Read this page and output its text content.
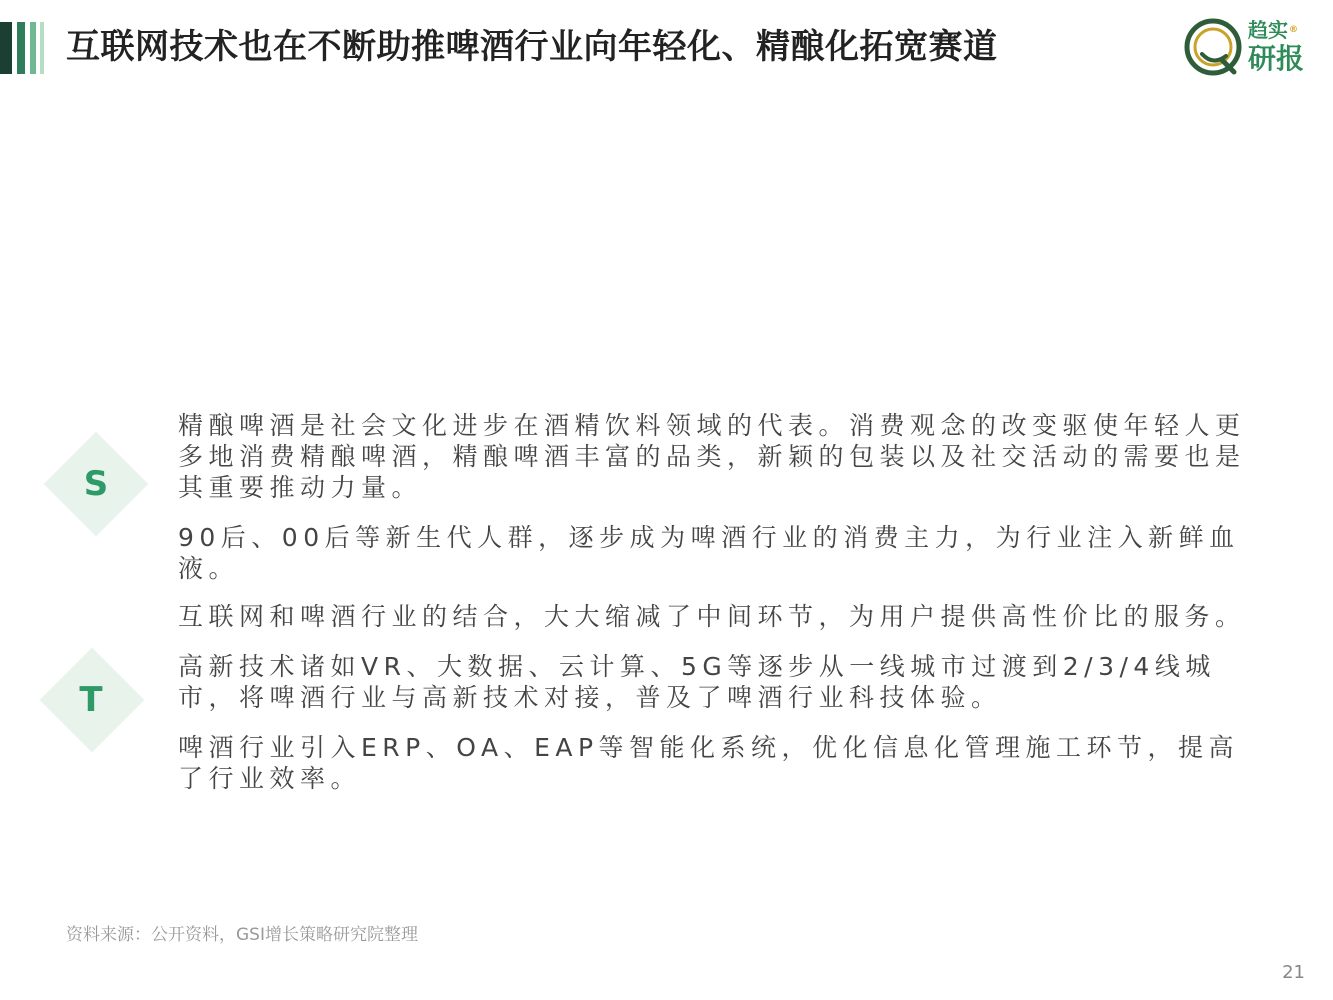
互联网技术也在不断助推啤酒行业向年轻化、精酿化拓宽赛道	趋实®
研报
S

精酿啤酒是社会文化进步在酒精饮料领域的代表。消费观念的改变驱使年轻人更多地消费精酿啤酒，精酿啤酒丰富的品类，新颖的包装以及社交活动的需要也是其重要推动力量。

90后、00后等新生代人群，逐步成为啤酒行业的消费主力，为行业注入新鲜血液。

T

互联网和啤酒行业的结合，大大缩减了中间环节，为用户提供高性价比的服务。

高新技术诸如VR、大数据、云计算、5G等逐步从一线城市过渡到2/3/4线城市，将啤酒行业与高新技术对接，普及了啤酒行业科技体验。

啤酒行业引入ERP、OA、EAP等智能化系统，优化信息化管理施工环节，提高了行业效率。

资料来源：公开资料，GSI增长策略研究院整理
21
